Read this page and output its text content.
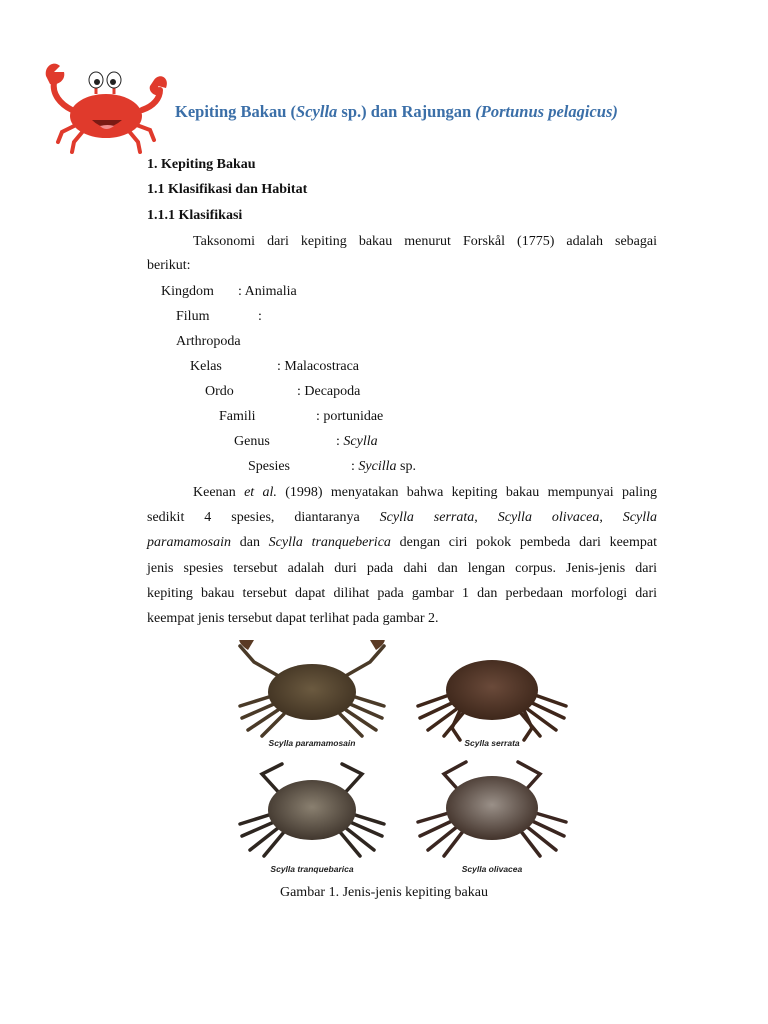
Kepiting Bakau (Scylla sp.) dan Rajungan (Portunus pelagicus)
1. Kepiting Bakau
1.1 Klasifikasi dan Habitat
1.1.1 Klasifikasi
Taksonomi dari kepiting bakau menurut Forskål (1775) adalah sebagai
berikut:
Kingdom : Animalia
Filum	:
Arthropoda
Kelas	: Malacostraca
Ordo	: Decapoda
Famili	: portunidae
Genus	: Scylla
Spesies	: Sycilla sp.
Keenan et al. (1998) menyatakan bahwa kepiting bakau mempunyai paling
sedikit 4 spesies, diantaranya Scylla serrata, Scylla olivacea, Scylla
paramamosain dan Scylla tranqueberica dengan ciri pokok pembeda dari keempat
jenis spesies tersebut adalah duri pada dahi dan lengan corpus. Jenis-jenis dari
kepiting bakau tersebut dapat dilihat pada gambar 1 dan perbedaan morfologi dari
keempat jenis tersebut dapat terlihat pada gambar 2.
Scylla paramamosain	Scylla serrata
Scylla tranquebarica	Scylla olivacea
Gambar 1. Jenis-jenis kepiting bakau
